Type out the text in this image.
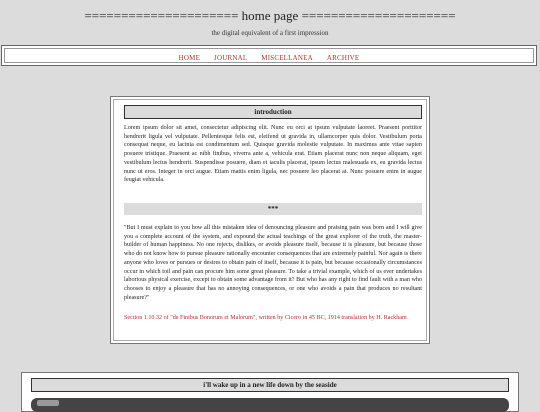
===================== home page =====================
the digital equivalent of a first impression
HOME JOURNAL MISCELLANEA ARCHIVE
introduction
Lorem ipsum dolor sit amet, consectetur adipiscing elit. Nunc eu orci at ipsum vulputate laoreet. Praesent porttitor hendrerit ligula vel vulputate. Pellentesque felis est, eleifend ut gravida in, ullamcorper quis dolor. Vestibulum porta consequat neque, eu lacinia est condimentum sed. Quisque gravida molestie vulputate. In maximus ante vitae sapien posuere tristique. Praesent ac nibh finibus, viverra ante a, vehicula erat. Etiam placerat nunc non neque aliquam, eget vestibulum lectus hendrerit. Suspendisse posuere, diam et iaculis placerat, ipsum lectus malesuada ex, eu gravida lectus nunc ut eros. Integer in orci augue. Etiam mattis enim ligula, nec posuere leo placerat at. Nunc posuere enim in augue feugiat vehicula.
***
"But I must explain to you how all this mistaken idea of denouncing pleasure and praising pain was born and I will give you a complete account of the system, and expound the actual teachings of the great explorer of the truth, the master-builder of human happiness. No one rejects, dislikes, or avoids pleasure itself, because it is pleasure, but because those who do not know how to pursue pleasure rationally encounter consequences that are extremely painful. Nor again is there anyone who loves or pursues or desires to obtain pain of itself, because it is pain, but because occasionally circumstances occur in which toil and pain can procure him some great pleasure. To take a trivial example, which of us ever undertakes laborious physical exercise, except to obtain some advantage from it? But who has any right to find fault with a man who chooses to enjoy a pleasure that has no annoying consequences, or one who avoids a pain that produces no resultant pleasure?"
Section 1.10.32 of "de Finibus Bonorum et Malorum", written by Cicero in 45 BC, 1914 translation by H. Rackham
i'll wake up in a new life down by the seaside
